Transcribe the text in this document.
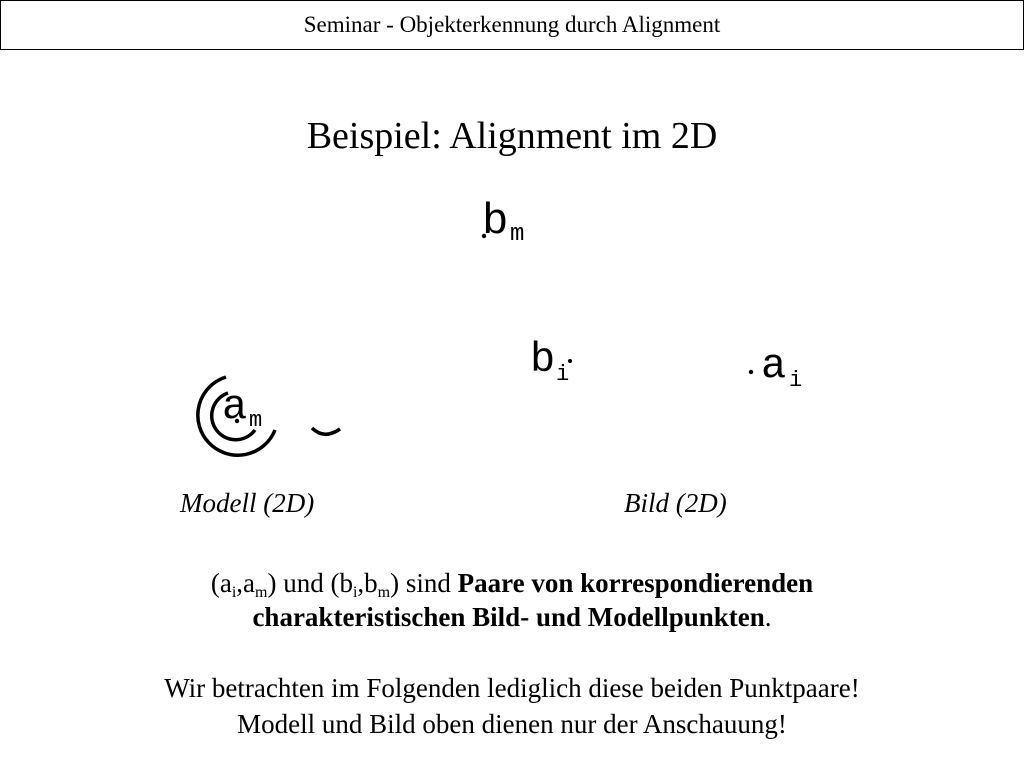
Seminar - Objekterkennung durch Alignment
Beispiel: Alignment im 2D
b m
a m
b i	a i
Modell (2D)	Bild (2D)
$(a_i,a_m)$ und $(b_i,b_m)$ sind Paare von korrespondierenden
charakteristischen Bild- und Modellpunkten.
Wir betrachten im Folgenden lediglich diese beiden Punktpaare!
Modell und Bild oben dienen nur der Anschauung!
